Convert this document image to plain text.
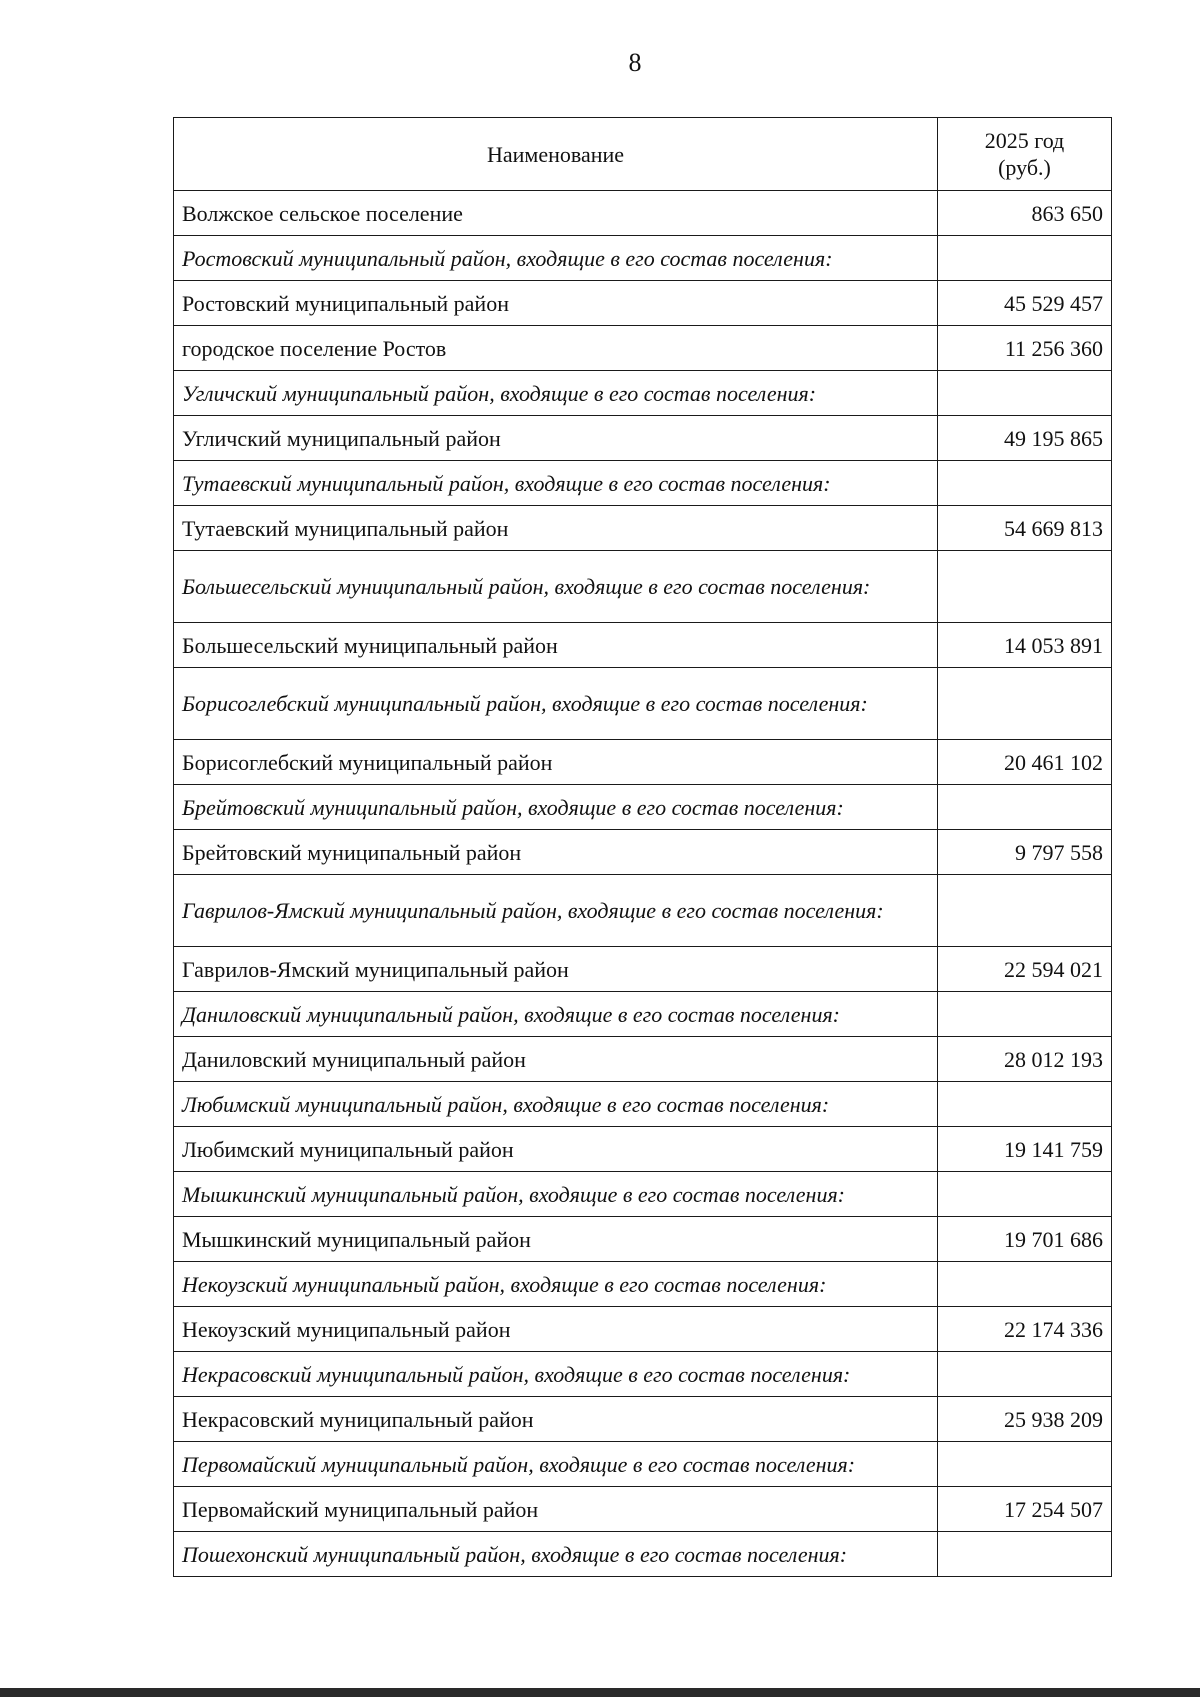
8
Наименование	2025 год
(руб.)

Волжское сельское поселение	863 650
Ростовский муниципальный район, входящие в его состав поселения:	
Ростовский муниципальный район	45 529 457
городское поселение Ростов	11 256 360
Угличский муниципальный район, входящие в его состав поселения:	
Угличский муниципальный район	49 195 865
Тутаевский муниципальный район, входящие в его состав поселения:	
Тутаевский муниципальный район	54 669 813
Большесельский муниципальный район, входящие в его состав поселения:	
Большесельский муниципальный район	14 053 891
Борисоглебский муниципальный район, входящие в его состав поселения:	
Борисоглебский муниципальный район	20 461 102
Брейтовский муниципальный район, входящие в его состав поселения:	
Брейтовский муниципальный район	9 797 558
Гаврилов-Ямский муниципальный район, входящие в его состав поселения:	
Гаврилов-Ямский муниципальный район	22 594 021
Даниловский муниципальный район, входящие в его состав поселения:	
Даниловский муниципальный район	28 012 193
Любимский муниципальный район, входящие в его состав поселения:	
Любимский муниципальный район	19 141 759
Мышкинский муниципальный район, входящие в его состав поселения:	
Мышкинский муниципальный район	19 701 686
Некоузский муниципальный район, входящие в его состав поселения:	
Некоузский муниципальный район	22 174 336
Некрасовский муниципальный район, входящие в его состав поселения:	
Некрасовский муниципальный район	25 938 209
Первомайский муниципальный район, входящие в его состав поселения:	
Первомайский муниципальный район	17 254 507
Пошехонский муниципальный район, входящие в его состав поселения:	
